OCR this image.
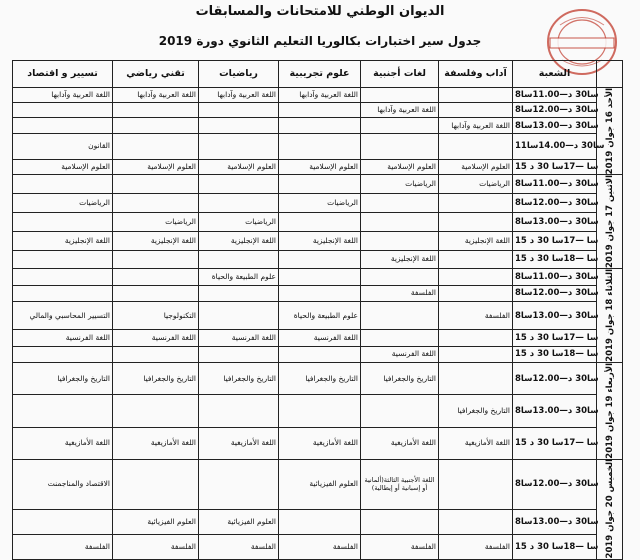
الديوان الوطني للامتحانات والمسابقات
جدول سير اختبارات بكالوريا التعليم الثانوي دورة 2019
	الشعبة	آداب وفلسفة	لغات أجنبية	علوم تجريبية	رياضيات	تقني رياضي	تسيير و اقتصاد
الأحد 16 جوان 2019	8سا30 د—11.00سا			اللغة العربية وآدابها	اللغة العربية وآدابها	اللغة العربية وآدابها	اللغة العربية وآدابها
	8سا30 د—12.00سا		اللغة العربية وآدابها				
	8سا30 د—13.00سا	اللغة العربية وآدابها					
	11سا30 د—14.00سا						القانون
	15 سا —17سا 30 د	العلوم الإسلامية	العلوم الإسلامية	العلوم الإسلامية	العلوم الإسلامية	العلوم الإسلامية	العلوم الإسلامية
الاثنين 17 جوان 2019	8سا30 د—11.00سا	الرياضيات	الرياضيات				
	8سا30 د—12.00سا			الرياضيات			الرياضيات
	8سا30 د—13.00سا				الرياضيات	الرياضيات	
	15 سا —17سا 30 د	اللغة الإنجليزية		اللغة الإنجليزية	اللغة الإنجليزية	اللغة الإنجليزية	اللغة الإنجليزية
	15 سا —18سا 30 د		اللغة الإنجليزية				
الثلاثاء 18 جوان 2019	8سا30 د—11.00سا				علوم الطبيعة والحياة		
	8سا30 د—12.00سا		الفلسفة				
	8سا30 د—13.00سا	الفلسفة		علوم الطبيعة والحياة		التكنولوجيا	التسيير المحاسبي والمالي
	15 سا —17سا 30 د			اللغة الفرنسية	اللغة الفرنسية	اللغة الفرنسية	اللغة الفرنسية
	15 سا —18سا 30 د		اللغة الفرنسية				
الأربعاء 19 جوان 2019	8سا30 د—12.00سا		التاريخ والجغرافيا	التاريخ والجغرافيا	التاريخ والجغرافيا	التاريخ والجغرافيا	التاريخ والجغرافيا
	8سا30 د—13.00سا	التاريخ والجغرافيا					
	15 سا —17سا 30 د	اللغة الأمازيغية	اللغة الأمازيغية	اللغة الأمازيغية	اللغة الأمازيغية	اللغة الأمازيغية	اللغة الأمازيغية
الخميس 20 جوان 2019	8سا30 د—12.00سا		اللغة الأجنبية الثالثة(ألمانية أو إسبانية أو إيطالية)	العلوم الفيزيائية			الاقتصاد والمناجمنت
	8سا30 د—13.00سا				العلوم الفيزيائية	العلوم الفيزيائية	
	15 سا —18سا 30 د	الفلسفة	الفلسفة	الفلسفة	الفلسفة	الفلسفة	الفلسفة
